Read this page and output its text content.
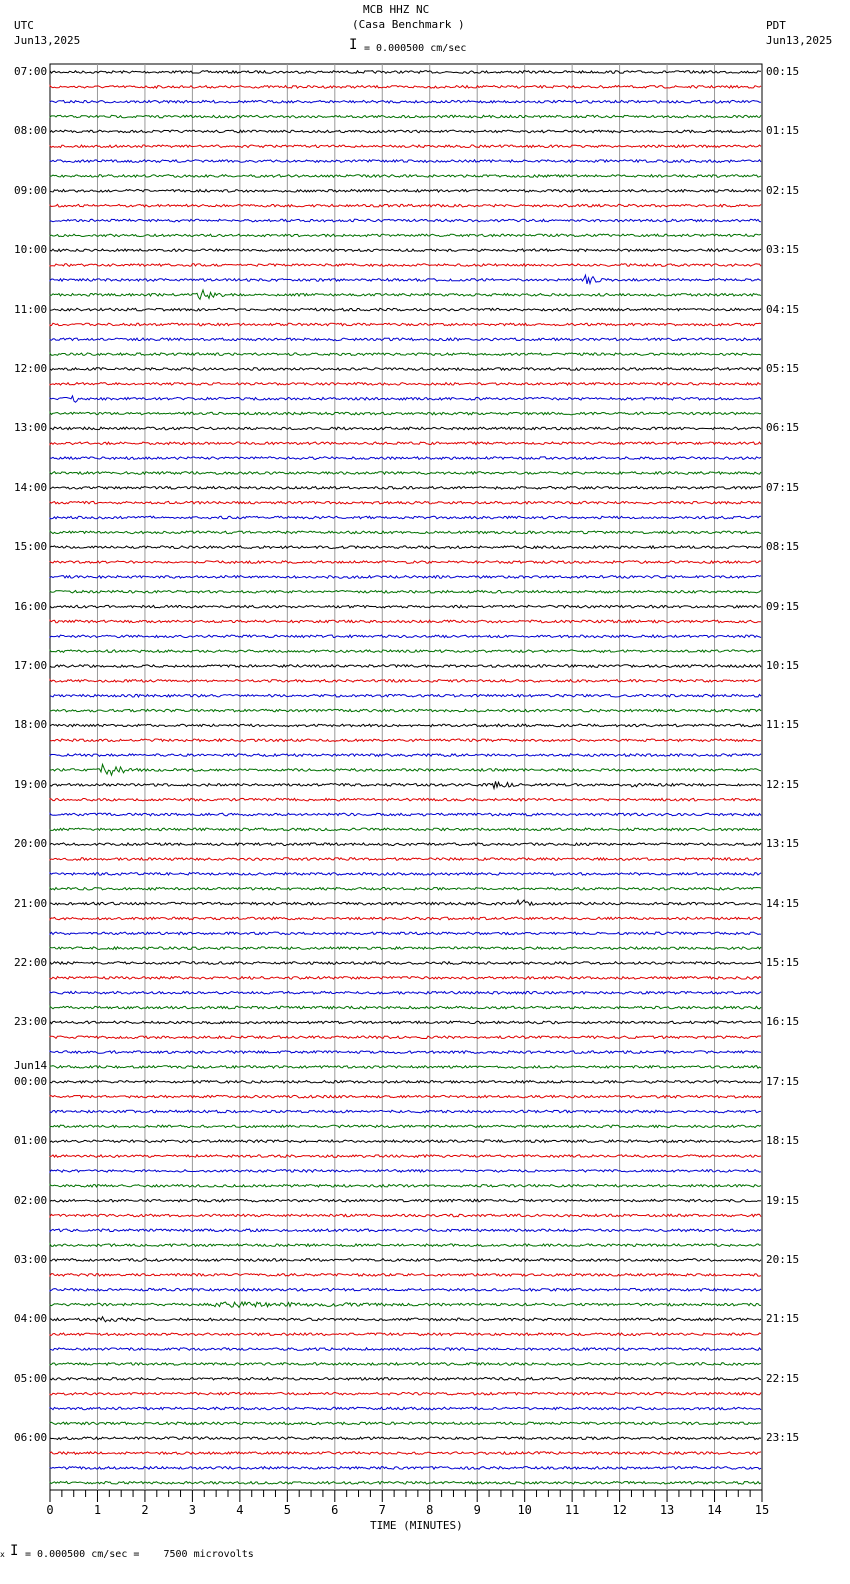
MCB HHZ NC
(Casa Benchmark )
UTC
Jun13,2025
PDT
Jun13,2025
I = 0.000500 cm/sec
0	1	2	3	4	5	6	7	8	9	10	11	12	13	14	15
07:00
08:00
09:00
10:00
11:00
12:00
13:00
14:00
15:00
16:00
17:00
18:00
19:00
20:00
21:00
22:00
23:00
00:00
Jun14
01:00
02:00
03:00
04:00
05:00
06:00
00:15
01:15
02:15
03:15
04:15
05:15
06:15
07:15
08:15
09:15
10:15
11:15
12:15
13:15
14:15
15:15
16:15
17:15
18:15
19:15
20:15
21:15
22:15
23:15
x I = 0.000500 cm/sec =    7500 microvolts
TIME (MINUTES)
